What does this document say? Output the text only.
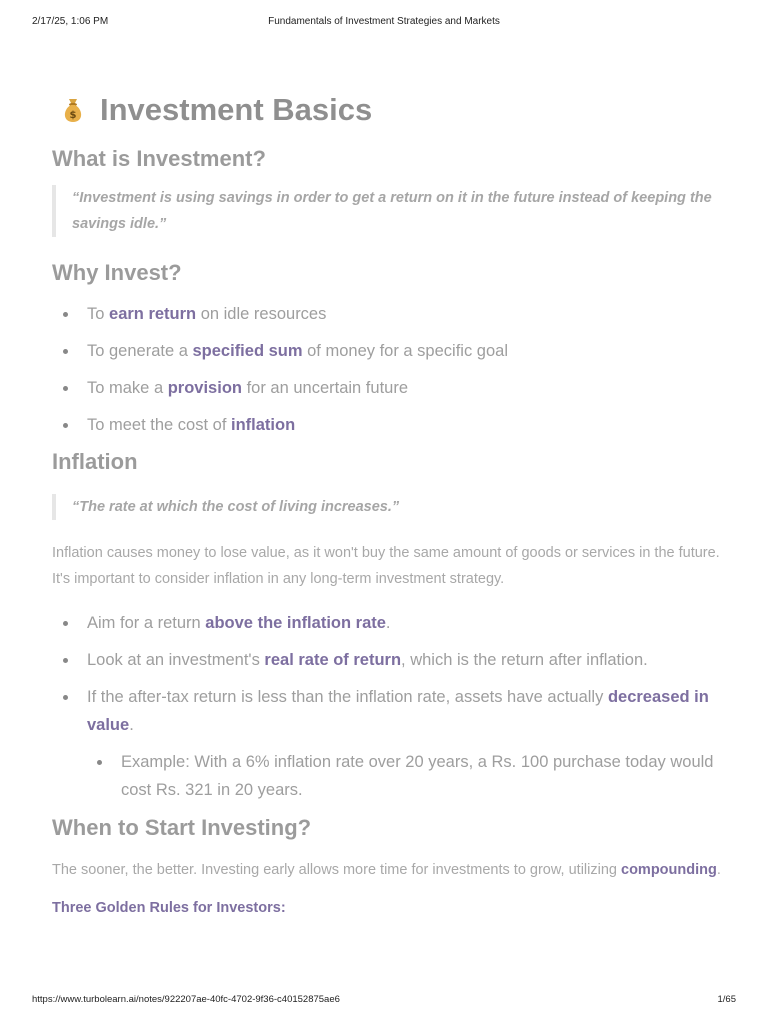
2/17/25, 1:06 PM	Fundamentals of Investment Strategies and Markets
$ Investment Basics
What is Investment?
“Investment is using savings in order to get a return on it in the future instead of keeping the savings idle.”
Why Invest?
To earn return on idle resources
To generate a specified sum of money for a specific goal
To make a provision for an uncertain future
To meet the cost of inflation
Inflation
“The rate at which the cost of living increases.”
Inflation causes money to lose value, as it won't buy the same amount of goods or services in the future. It's important to consider inflation in any long-term investment strategy.
Aim for a return above the inflation rate.
Look at an investment's real rate of return, which is the return after inflation.
If the after-tax return is less than the inflation rate, assets have actually decreased in value.
Example: With a 6% inflation rate over 20 years, a Rs. 100 purchase today would cost Rs. 321 in 20 years.
When to Start Investing?
The sooner, the better. Investing early allows more time for investments to grow, utilizing compounding.
Three Golden Rules for Investors:
https://www.turbolearn.ai/notes/922207ae-40fc-4702-9f36-c40152875ae6	1/65
